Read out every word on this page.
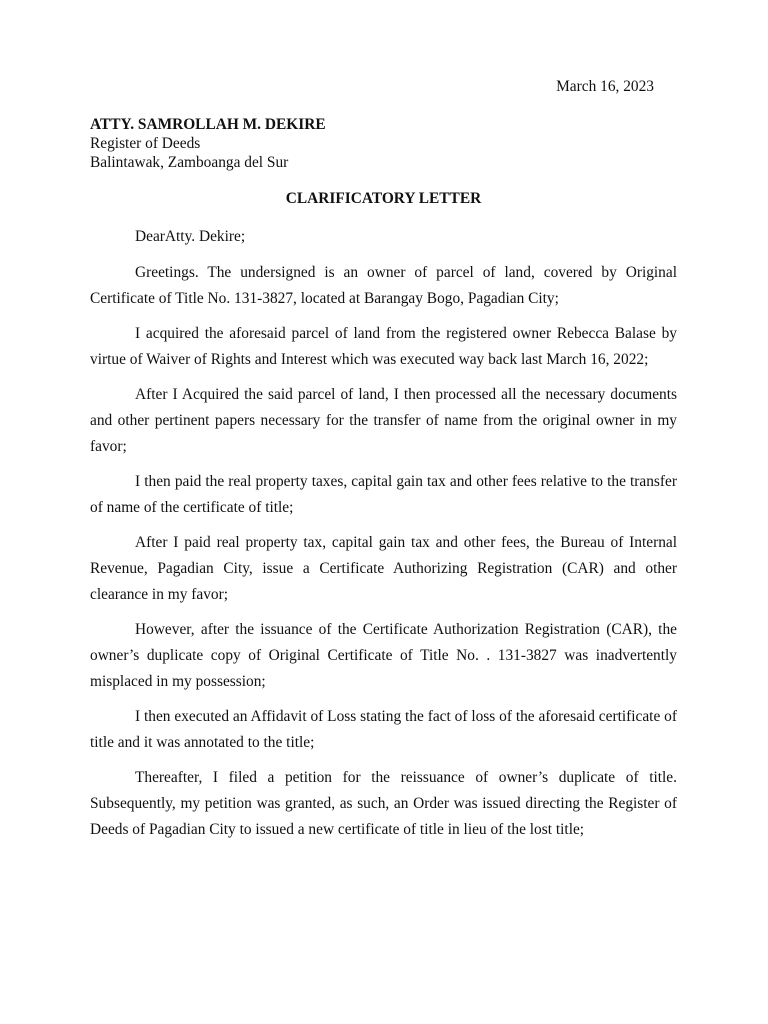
March 16, 2023
ATTY. SAMROLLAH M. DEKIRE
Register of Deeds
Balintawak, Zamboanga del Sur
CLARIFICATORY LETTER
DearAtty. Dekire;

Greetings. The undersigned is an owner of parcel of land, covered by Original Certificate of Title No. 131-3827, located at Barangay Bogo, Pagadian City;

I acquired the aforesaid parcel of land from the registered owner Rebecca Balase by virtue of Waiver of Rights and Interest which was executed way back last March 16, 2022;

After I Acquired the said parcel of land, I then processed all the necessary documents and other pertinent papers necessary for the transfer of name from the original owner in my favor;

I then paid the real property taxes, capital gain tax and other fees relative to the transfer of name of the certificate of title;

After I paid real property tax, capital gain tax and other fees, the Bureau of Internal Revenue, Pagadian City, issue a Certificate Authorizing Registration (CAR) and other clearance in my favor;

However, after the issuance of the Certificate Authorization Registration (CAR), the owner’s duplicate copy of Original Certificate of Title No. . 131-3827 was inadvertently misplaced in my possession;

I then executed an Affidavit of Loss stating the fact of loss of the aforesaid certificate of title and it was annotated to the title;

Thereafter, I filed a petition for the reissuance of owner’s duplicate of title. Subsequently, my petition was granted, as such, an Order was issued directing the Register of Deeds of Pagadian City to issued a new certificate of title in lieu of the lost title;
